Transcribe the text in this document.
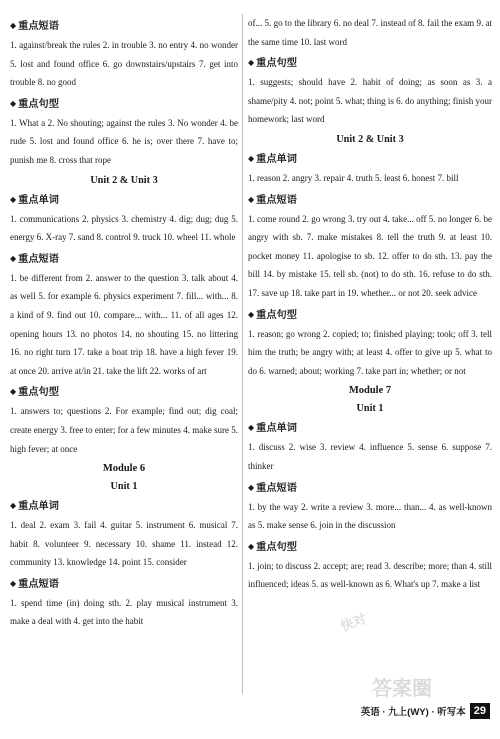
◆ 重点短语

1. against/break the rules 2. in trouble 3. no entry 4. no wonder 5. lost and found office 6. go downstairs/upstairs 7. get into trouble 8. no good

◆ 重点句型

1. What a 2. No shouting; against the rules 3. No wonder 4. be rude 5. lost and found office 6. he is; over there 7. have to; punish me 8. cross that rope

Unit 2 & Unit 3
◆ 重点单词

1. communications 2. physics 3. chemistry 4. dig; dug; dug 5. energy 6. X-ray 7. sand 8. control 9. truck 10. wheel 11. whole

◆ 重点短语

1. be different from 2. answer to the question 3. talk about 4. as well 5. for example 6. physics experiment 7. fill... with... 8. a kind of 9. find out 10. compare... with... 11. of all ages 12. opening hours 13. no photos 14. no shouting 15. no littering 16. no right turn 17. take a boat trip 18. have a high fever 19. at once 20. arrive at/in 21. take the lift 22. works of art

◆ 重点句型

1. answers to; questions 2. For example; find out; dig coal; create energy 3. free to enter; for a few minutes 4. make sure 5. high fever; at once

Module 6
Unit 1
◆ 重点单词

1. deal 2. exam 3. fail 4. guitar 5. instrument 6. musical 7. habit 8. volunteer 9. necessary 10. shame 11. instead 12. community 13. knowledge 14. point 15. consider

◆ 重点短语

1. spend time (in) doing sth. 2. play musical instrument 3. make a deal with 4. get into the habit

of... 5. go to the library 6. no deal 7. instead of 8. fail the exam 9. at the same time 10. last word

◆ 重点句型

1. suggests; should have 2. habit of doing; as soon as 3. a shame/pity 4. not; point 5. what; thing is 6. do anything; finish your homework; last word

Unit 2 & Unit 3
◆ 重点单词

1. reason 2. angry 3. repair 4. truth 5. least 6. honest 7. bill

◆ 重点短语

1. come round 2. go wrong 3. try out 4. take... off 5. no longer 6. be angry with sb. 7. make mistakes 8. tell the truth 9. at least 10. pocket money 11. apologise to sb. 12. offer to do sth. 13. pay the bill 14. by mistake 15. tell sb. (not) to do sth. 16. refuse to do sth. 17. save up 18. take part in 19. whether... or not 20. seek advice

◆ 重点句型

1. reason; go wrong 2. copied; to; finished playing; took; off 3. tell him the truth; be angry with; at least 4. offer to give up 5. what to do 6. warned; about; working 7. take part in; whether; or not

Module 7
Unit 1
◆ 重点单词

1. discuss 2. wise 3. review 4. influence 5. sense 6. suppose 7. thinker

◆ 重点短语

1. by the way 2. write a review 3. more... than... 4. as well-known as 5. make sense 6. join in the discussion

◆ 重点句型

1. join; to discuss 2. accept; are; read 3. describe; more; than 4. still influenced; ideas 5. as well-known as 6. What's up 7. make a list

快对
答案圈
英语 · 九上(WY) · 听写本 29
